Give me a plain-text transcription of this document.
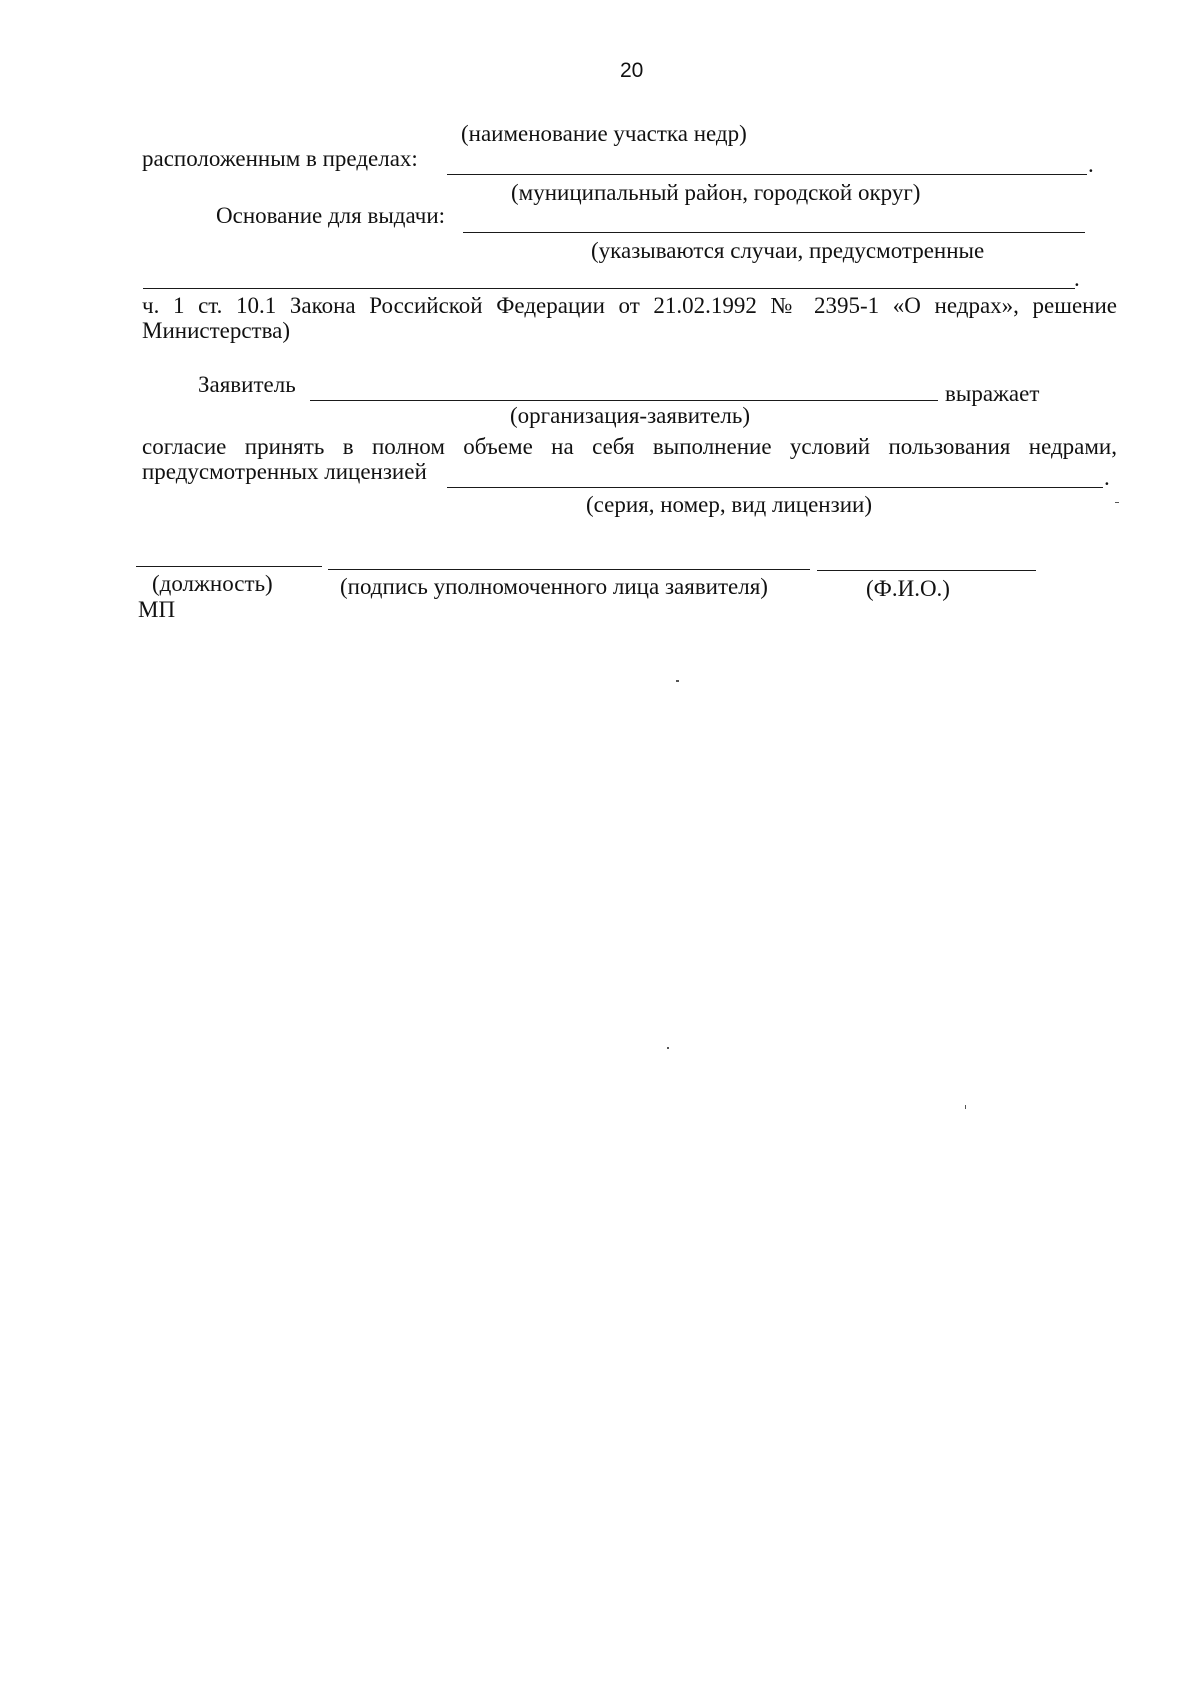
20
(наименование участка недр)
расположенным в пределах:	.
(муниципальный район, городской округ)
Основание для выдачи:
(указываются случаи, предусмотренные
.
ч. 1 ст. 10.1 Закона Российской Федерации от 21.02.1992 № 2395-1 «О недрах», решение
Министерства)
Заявитель	выражает
(организация-заявитель)
согласие принять в полном объеме на себя выполнение условий пользования недрами,
предусмотренных лицензией	.
(серия, номер, вид лицензии)
(должность)	(подпись уполномоченного лица заявителя)	(Ф.И.О.)
МП
